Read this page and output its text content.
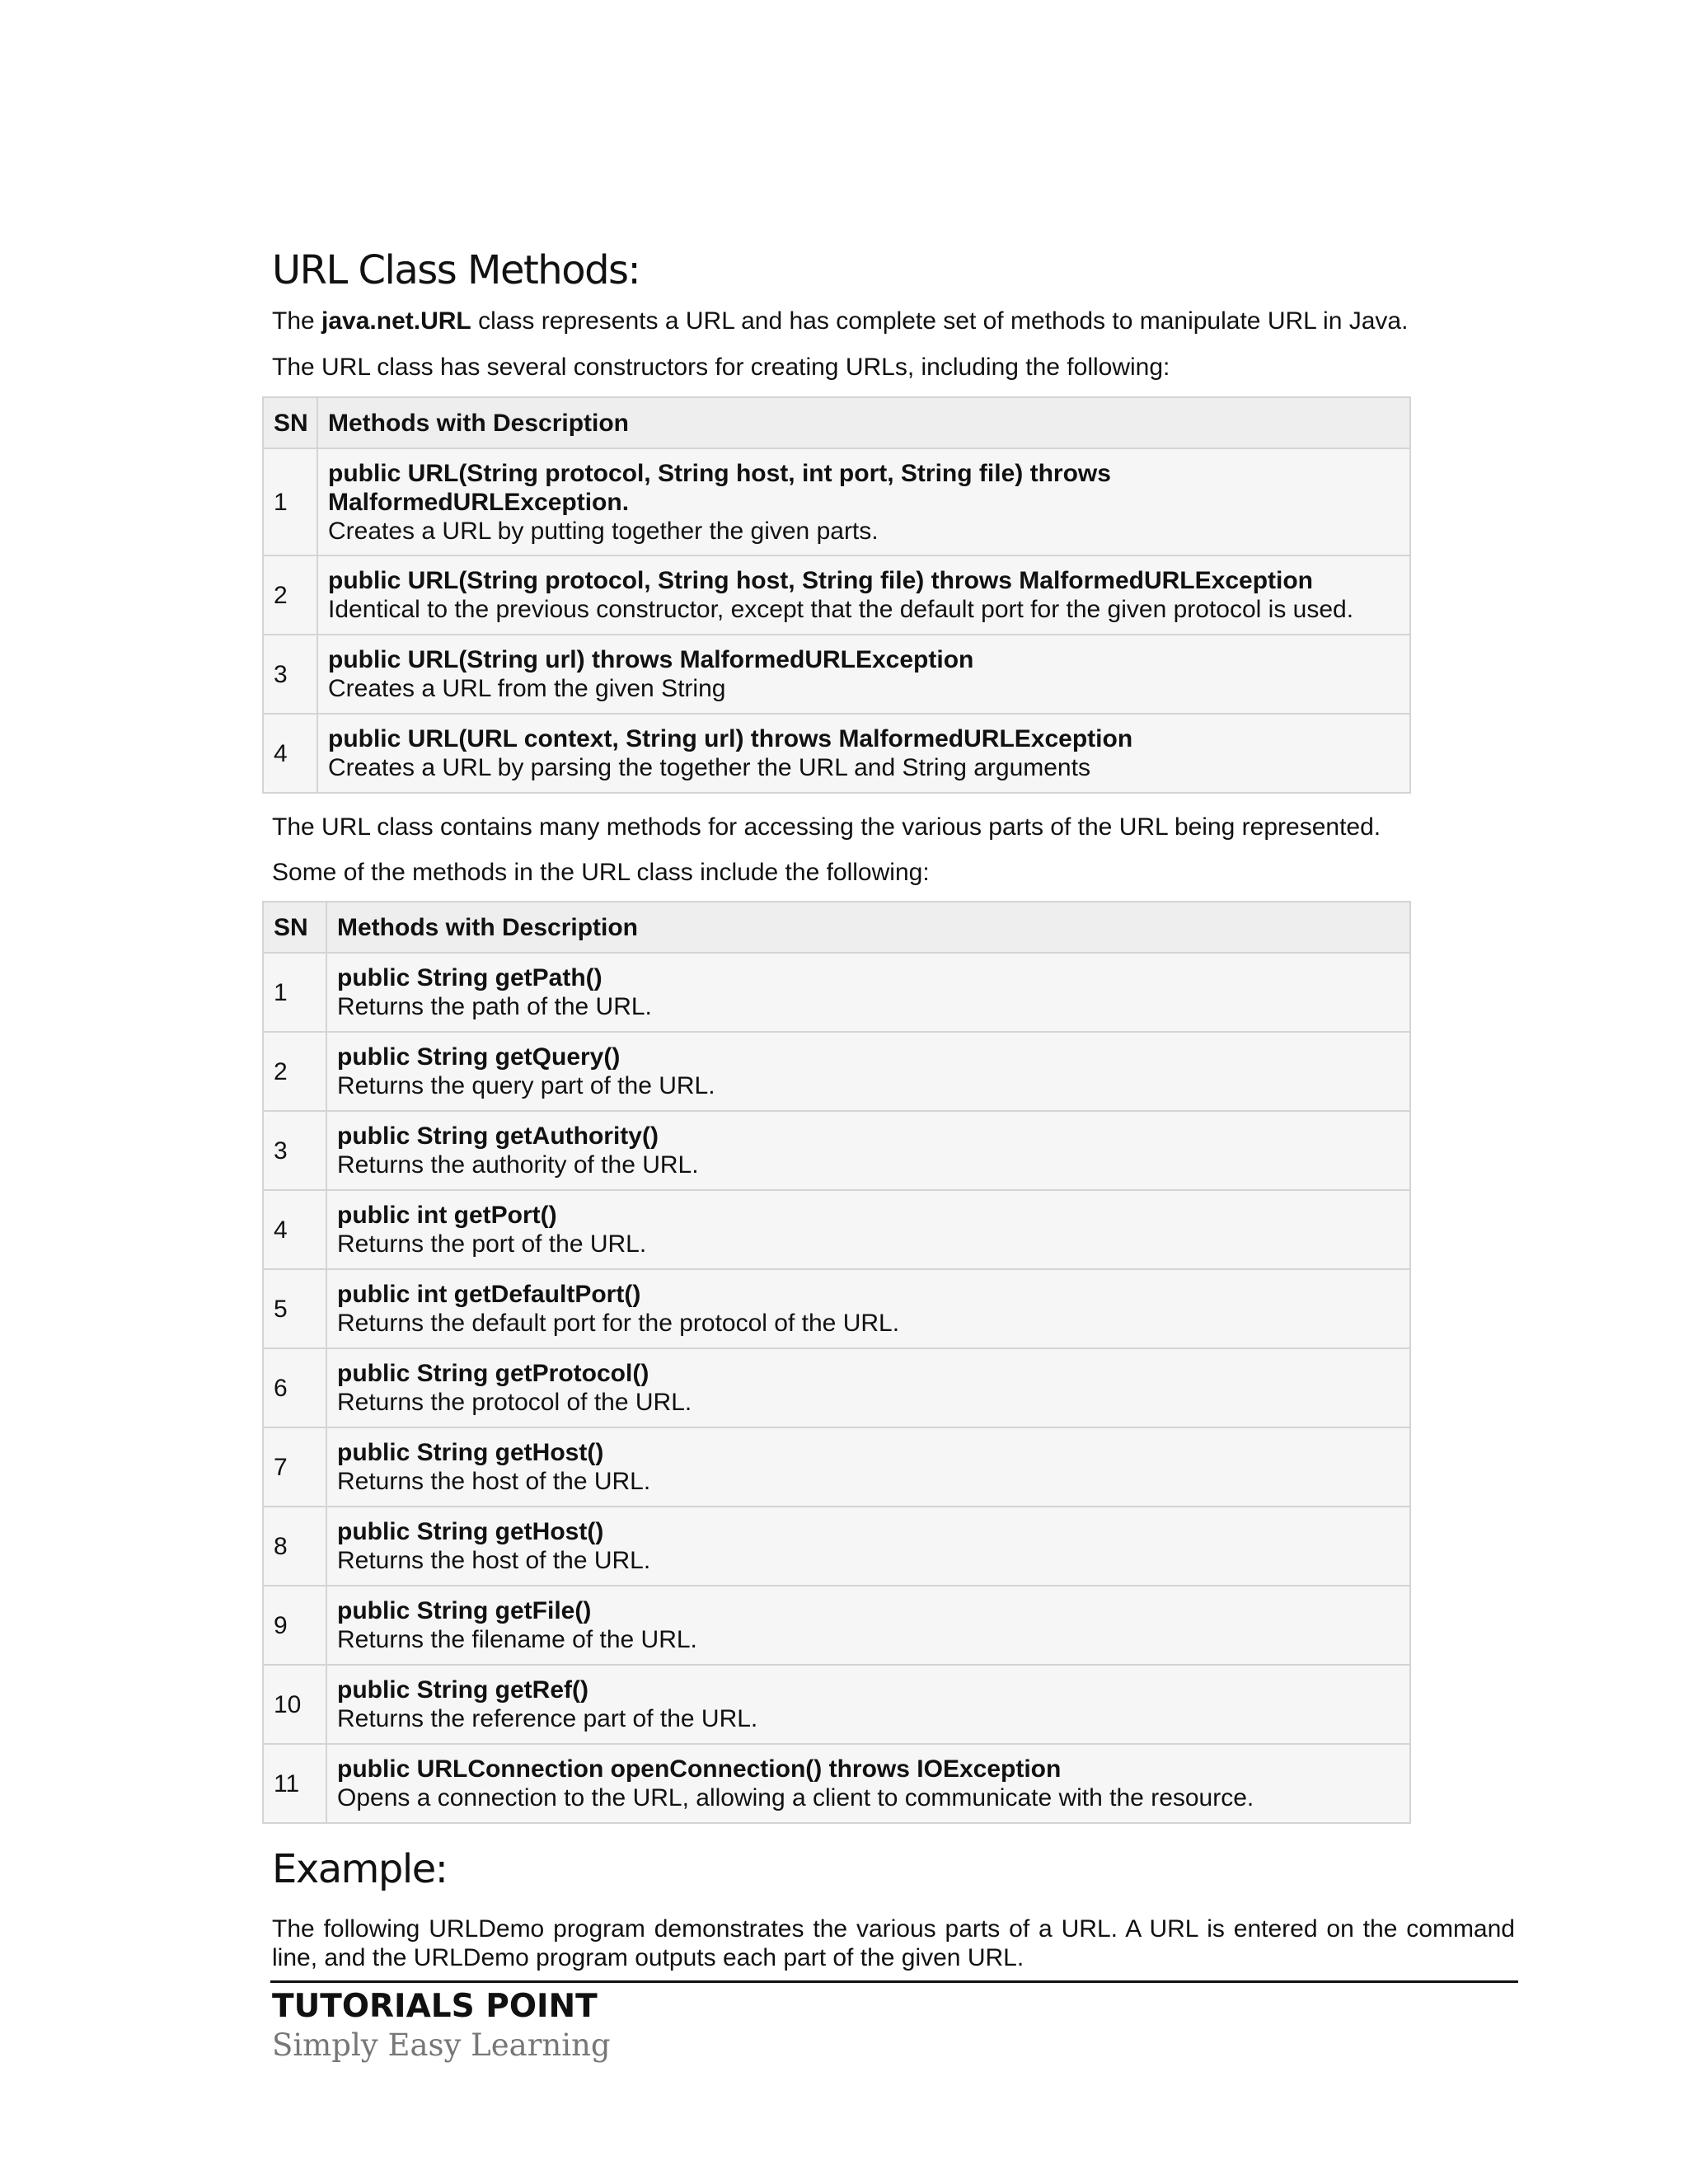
URL Class Methods:
The java.net.URL class represents a URL and has complete set of methods to manipulate URL in Java.
The URL class has several constructors for creating URLs, including the following:
SN	Methods with Description
1	public URL(String protocol, String host, int port, String file) throws MalformedURLException.
Creates a URL by putting together the given parts.

2	public URL(String protocol, String host, String file) throws MalformedURLException
Identical to the previous constructor, except that the default port for the given protocol is used.

3	public URL(String url) throws MalformedURLException
Creates a URL from the given String

4	public URL(URL context, String url) throws MalformedURLException
Creates a URL by parsing the together the URL and String arguments
The URL class contains many methods for accessing the various parts of the URL being represented.
Some of the methods in the URL class include the following:
SN	Methods with Description
1	public String getPath()
Returns the path of the URL.

2	public String getQuery()
Returns the query part of the URL.

3	public String getAuthority()
Returns the authority of the URL.

4	public int getPort()
Returns the port of the URL.

5	public int getDefaultPort()
Returns the default port for the protocol of the URL.

6	public String getProtocol()
Returns the protocol of the URL.

7	public String getHost()
Returns the host of the URL.

8	public String getHost()
Returns the host of the URL.

9	public String getFile()
Returns the filename of the URL.

10	public String getRef()
Returns the reference part of the URL.

11	public URLConnection openConnection() throws IOException
Opens a connection to the URL, allowing a client to communicate with the resource.
Example:
The following URLDemo program demonstrates the various parts of a URL. A URL is entered on the command line, and the URLDemo program outputs each part of the given URL.
TUTORIALS POINT
Simply Easy Learning
